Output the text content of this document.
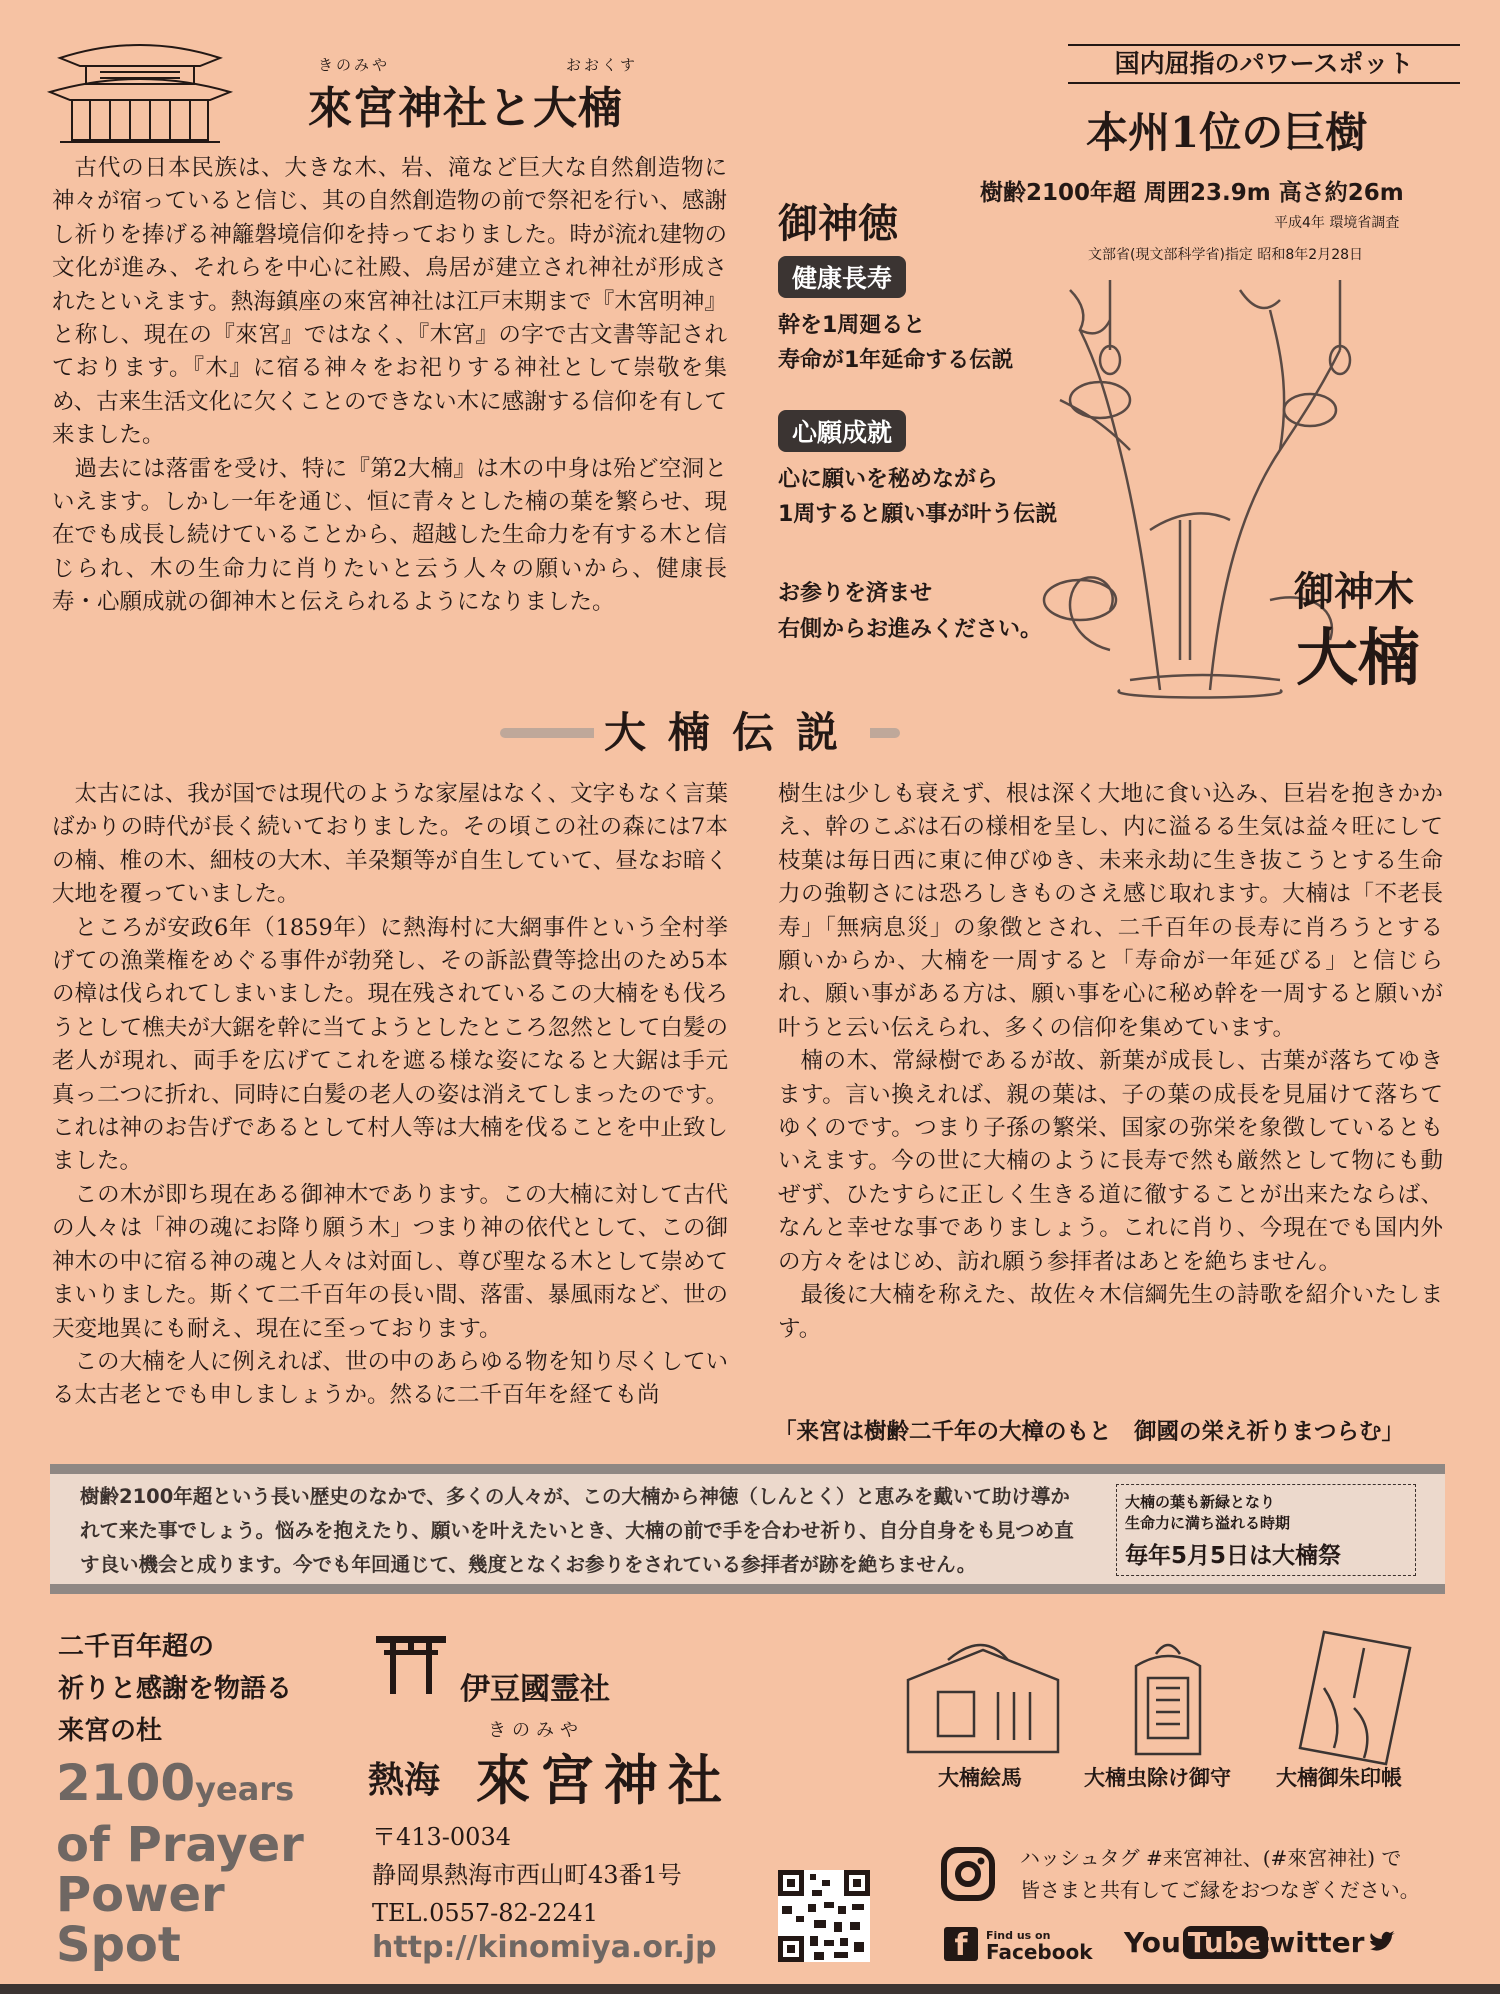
きのみや	おおくす
來宮神社と大楠
国内屈指のパワースポット
本州1位の巨樹
樹齢2100年超 周囲23.9m 高さ約26m
平成4年 環境省調査
文部省(現文部科学省)指定 昭和8年2月28日

古代の日本民族は、大きな木、岩、滝など巨大な自然創造物に神々が宿っていると信じ、其の自然創造物の前で祭祀を行い、感謝し祈りを捧げる神籬磐境信仰を持っておりました。時が流れ建物の文化が進み、それらを中心に社殿、鳥居が建立され神社が形成されたといえます。熱海鎮座の來宮神社は江戸末期まで『木宮明神』と称し、現在の『來宮』ではなく、『木宮』の字で古文書等記されております。『木』に宿る神々をお祀りする神社として崇敬を集め、古来生活文化に欠くことのできない木に感謝する信仰を有して来ました。

過去には落雷を受け、特に『第2大楠』は木の中身は殆ど空洞といえます。しかし一年を通じ、恒に青々とした楠の葉を繁らせ、現在でも成長し続けていることから、超越した生命力を有する木と信じられ、木の生命力に肖りたいと云う人々の願いから、健康長寿・心願成就の御神木と伝えられるようになりました。

御神徳
健康長寿
幹を1周廻ると
寿命が1年延命する伝説
心願成就
心に願いを秘めながら
1周すると願い事が叶う伝説
お参りを済ませ
右側からお進みください。
御神木
大楠
大楠伝説

太古には、我が国では現代のような家屋はなく、文字もなく言葉ばかりの時代が長く続いておりました。その頃この社の森には7本の楠、椎の木、細枝の大木、羊朶類等が自生していて、昼なお暗く大地を覆っていました。

ところが安政6年（1859年）に熱海村に大網事件という全村挙げての漁業権をめぐる事件が勃発し、その訴訟費等捻出のため5本の樟は伐られてしまいました。現在残されているこの大楠をも伐ろうとして樵夫が大鋸を幹に当てようとしたところ忽然として白髪の老人が現れ、両手を広げてこれを遮る様な姿になると大鋸は手元真っ二つに折れ、同時に白髪の老人の姿は消えてしまったのです。これは神のお告げであるとして村人等は大楠を伐ることを中止致しました。

この木が即ち現在ある御神木であります。この大楠に対して古代の人々は「神の魂にお降り願う木」つまり神の依代として、この御神木の中に宿る神の魂と人々は対面し、尊び聖なる木として崇めてまいりました。斯くて二千百年の長い間、落雷、暴風雨など、世の天変地異にも耐え、現在に至っております。

この大楠を人に例えれば、世の中のあらゆる物を知り尽くしている太古老とでも申しましょうか。然るに二千百年を経ても尚

樹生は少しも衰えず、根は深く大地に食い込み、巨岩を抱きかかえ、幹のこぶは石の様相を呈し、内に溢るる生気は益々旺にして枝葉は毎日西に東に伸びゆき、未来永劫に生き抜こうとする生命力の強靭さには恐ろしきものさえ感じ取れます。大楠は「不老長寿」「無病息災」の象徴とされ、二千百年の長寿に肖ろうとする願いからか、大楠を一周すると「寿命が一年延びる」と信じられ、願い事がある方は、願い事を心に秘め幹を一周すると願いが叶うと云い伝えられ、多くの信仰を集めています。

楠の木、常緑樹であるが故、新葉が成長し、古葉が落ちてゆきます。言い換えれば、親の葉は、子の葉の成長を見届けて落ちてゆくのです。つまり子孫の繁栄、国家の弥栄を象徴しているともいえます。今の世に大楠のように長寿で然も厳然として物にも動ぜず、ひたすらに正しく生きる道に徹することが出来たならば、なんと幸せな事でありましょう。これに肖り、今現在でも国内外の方々をはじめ、訪れ願う参拝者はあとを絶ちません。

最後に大楠を称えた、故佐々木信綱先生の詩歌を紹介いたします。

「来宮は樹齢二千年の大樟のもと　御國の栄え祈りまつらむ」
樹齢2100年超という長い歴史のなかで、多くの人々が、この大楠から神徳（しんとく）と恵みを戴いて助け導かれて来た事でしょう。悩みを抱えたり、願いを叶えたいとき、大楠の前で手を合わせ祈り、自分自身をも見つめ直す良い機会と成ります。今でも年回通じて、幾度となくお参りをされている参拝者が跡を絶ちません。
大楠の葉も新緑となり
生命力に満ち溢れる時期
毎年5月5日は大楠祭
二千百年超の
祈りと感謝を物語る
来宮の杜
2100years
of Prayer
Power
Spot
伊豆國霊社
きのみや
熱海 來宮神社
〒413-0034
静岡県熱海市西山町43番1号
TEL.0557-82-2241
http://kinomiya.or.jp
大楠絵馬	大楠虫除け御守 大楠御朱印帳
ハッシュタグ #来宮神社、(#來宮神社) で
皆さまと共有してご縁をおつなぎください。
f	Find us on
Facebook You Tube
twitter
